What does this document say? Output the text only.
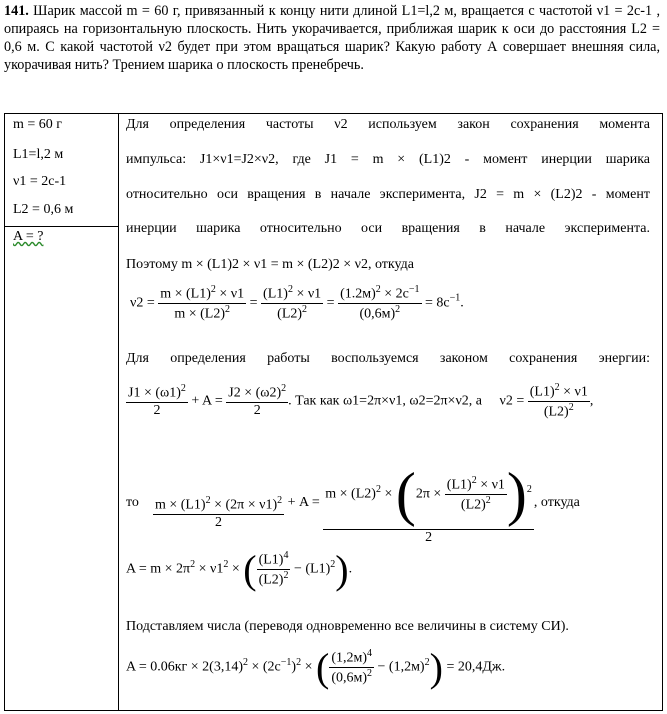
141. Шарик массой m = 60 г, привязанный к концу нити длиной L1=l,2 м, вращается с частотой ν1 = 2с-1 , опираясь на горизонтальную плоскость. Нить укорачивается, приближая шарик к оси до расстояния L2 = 0,6 м. С какой частотой ν2 будет при этом вращаться шарик? Какую работу А совершает внешняя сила, укорачивая нить? Трением шарика о плоскость пренебречь.
m = 60 г
L1=l,2 м
ν1 = 2с-1
L2 = 0,6 м
A = ?
Для определения частоты ν2 используем закон сохранения момента
импульса: J1×ν1=J2×ν2, где J1 = m × (L1)2 - момент инерции шарика
относительно оси вращения в начале эксперимента, J2 = m × (L2)2 - момент
инерции шарика относительно оси вращения в начале эксперимента.
Поэтому m × (L1)2 × ν1 = m × (L2)2 × ν2, откуда
$\nu 2 = \frac{m \times (L1)^2 \times \nu 1}{m \times (L2)^2} = \frac{(L1)^2 \times \nu 1}{(L2)^2}$ =
$(1.2м)^2 \times 2с^{-1}$
$(0,6м)^2$	= $8с^{-1}$.
Для определения работы воспользуемся законом сохранения энергии:
$\frac{J1 \times (\omega 1)^2}{2} + A = \frac{J2 \times (\omega 2)^2}{2}$ . Так как ω1=2π×ν1, ω2=2π×ν2, а     $\nu 2 = \frac{(L1)^2 \times \nu 1}{(L2)^2}$ ,
то $\frac{m \times (L1)^2 \times (2\pi \times \nu 1)^2}{2} + A = \frac{m \times (L2)^2 \times (2\pi \times \frac{(L1)^2 \times \nu 1}{(L2)^2} )^2}{2}$ , откуда
$A = m \times 2\pi^2 \times \nu 1^2$ × ( $\frac{(L1)^4}{(L2)^2} - (L1)^2$).
Подставляем числа (переводя одновременно все величины в систему СИ).
$A = 0.06кг \times 2(3,14)^2 \times (2с^{-1})^2$ × ( $(1,2м)^4$
$(0,6м)^2 - (1,2м)^2) = 20,4Дж$.
